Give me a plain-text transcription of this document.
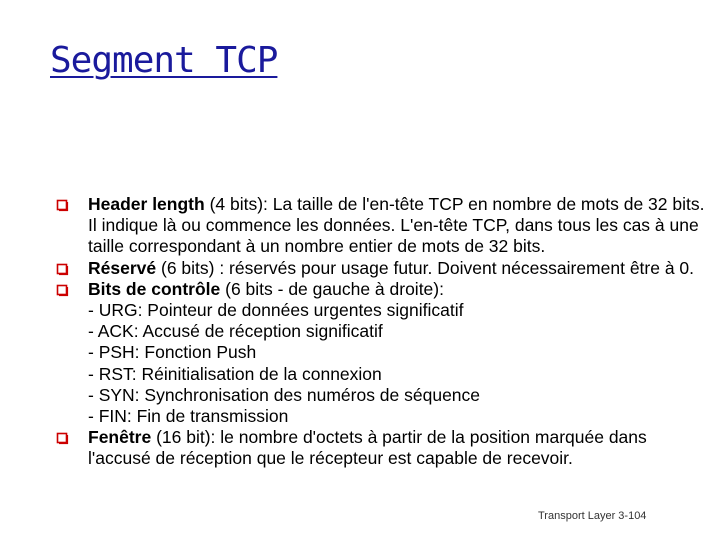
Segment TCP
Header length (4 bits): La taille de l'en-tête TCP en nombre de mots de 32 bits. Il indique là ou commence les données. L'en-tête TCP, dans tous les cas à une taille correspondant à un nombre entier de mots de 32 bits.
Réservé (6 bits) : réservés pour usage futur. Doivent nécessairement être à 0.
Bits de contrôle (6 bits - de gauche à droite):
- URG: Pointeur de données urgentes significatif
- ACK: Accusé de réception significatif
- PSH: Fonction Push
- RST: Réinitialisation de la connexion
- SYN: Synchronisation des numéros de séquence
- FIN: Fin de transmission
Fenêtre (16 bit): le nombre d'octets à partir de la position marquée dans l'accusé de réception que le récepteur est capable de recevoir.
Transport Layer 3-104
